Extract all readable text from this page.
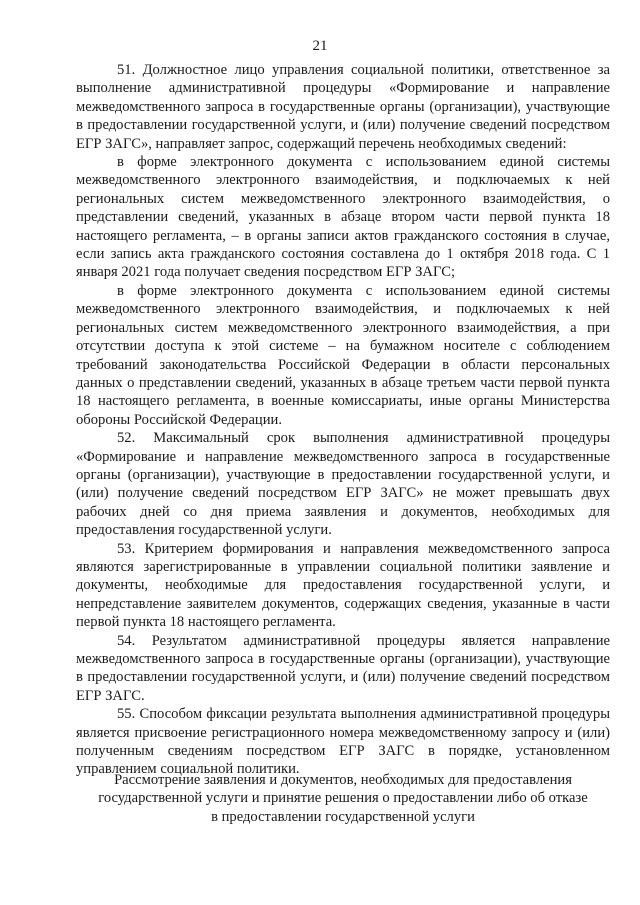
21

51. Должностное лицо управления социальной политики, ответственное за выполнение административной процедуры «Формирование и направление межведомственного запроса в государственные органы (организации), участвующие в предоставлении государственной услуги, и (или) получение сведений посредством ЕГР ЗАГС», направляет запрос, содержащий перечень необходимых сведений:

в форме электронного документа с использованием единой системы межведомственного электронного взаимодействия, и подключаемых к ней региональных систем межведомственного электронного взаимодействия, о представлении сведений, указанных в абзаце втором части первой пункта 18 настоящего регламента, – в органы записи актов гражданского состояния в случае, если запись акта гражданского состояния составлена до 1 октября 2018 года. С 1 января 2021 года получает сведения посредством ЕГР ЗАГС;

в форме электронного документа с использованием единой системы межведомственного электронного взаимодействия, и подключаемых к ней региональных систем межведомственного электронного взаимодействия, а при отсутствии доступа к этой системе – на бумажном носителе с соблюдением требований законодательства Российской Федерации в области персональных данных о представлении сведений, указанных в абзаце третьем части первой пункта 18 настоящего регламента, в военные комиссариаты, иные органы Министерства обороны Российской Федерации.

52. Максимальный срок выполнения административной процедуры «Формирование и направление межведомственного запроса в государственные органы (организации), участвующие в предоставлении государственной услуги, и (или) получение сведений посредством ЕГР ЗАГС» не может превышать двух рабочих дней со дня приема заявления и документов, необходимых для предоставления государственной услуги.

53. Критерием формирования и направления межведомственного запроса являются зарегистрированные в управлении социальной политики заявление и документы, необходимые для предоставления государственной услуги, и непредставление заявителем документов, содержащих сведения, указанные в части первой пункта 18 настоящего регламента.

54. Результатом административной процедуры является направление межведомственного запроса в государственные органы (организации), участвующие в предоставлении государственной услуги, и (или) получение сведений посредством ЕГР ЗАГС.

55. Способом фиксации результата выполнения административной процедуры является присвоение регистрационного номера межведомственному запросу и (или) полученным сведениям посредством ЕГР ЗАГС в порядке, установленном управлением социальной политики.

Рассмотрение заявления и документов, необходимых для предоставления
государственной услуги и принятие решения о предоставлении либо об отказе
в предоставлении государственной услуги
